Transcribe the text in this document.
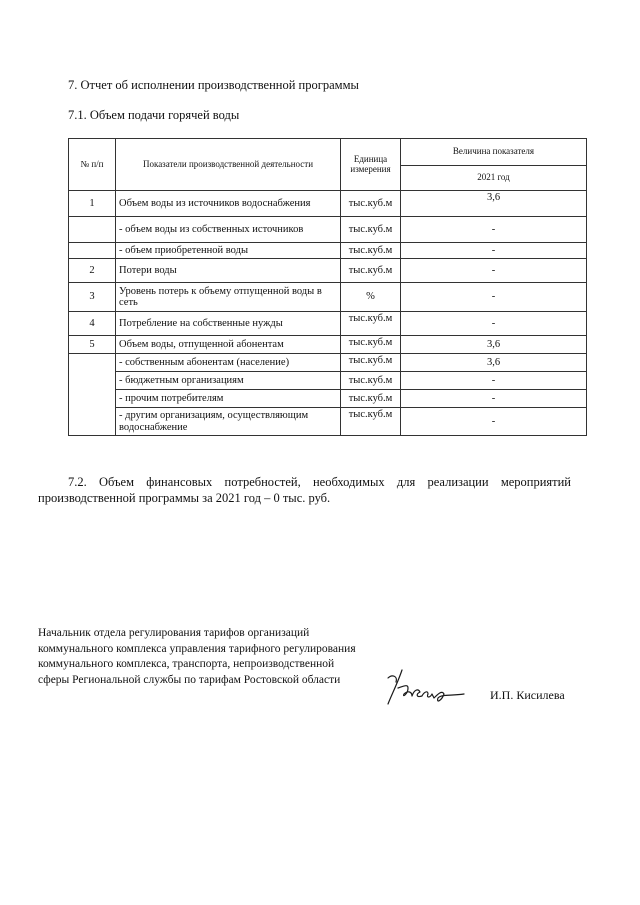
7. Отчет об исполнении производственной программы
7.1. Объем подачи горячей воды
№ п/п	Показатели производственной деятельности	Единица измерения	Величина показателя
			2021 год
1	Объем воды из источников водоснабжения	тыс.куб.м	3,6
	- объем воды из собственных источников	тыс.куб.м	-
	- объем приобретенной воды	тыс.куб.м	-
2	Потери воды	тыс.куб.м	-
3	Уровень потерь к объему отпущенной воды в сеть	%	-
4	Потребление на собственные нужды	тыс.куб.м	-
5	Объем воды, отпущенной абонентам	тыс.куб.м	3,6
	- собственным абонентам (население)	тыс.куб.м	3,6
	- бюджетным организациям	тыс.куб.м	-
	- прочим потребителям	тыс.куб.м	-
	- другим организациям, осуществляющим водоснабжение	тыс.куб.м	-
7.2. Объем финансовых потребностей, необходимых для реализации мероприятий производственной программы за 2021 год – 0 тыс. руб.
Начальник отдела регулирования тарифов организаций коммунального комплекса управления тарифного регулирования коммунального комплекса, транспорта, непроизводственной сферы Региональной службы по тарифам Ростовской области
И.П. Кисилева
